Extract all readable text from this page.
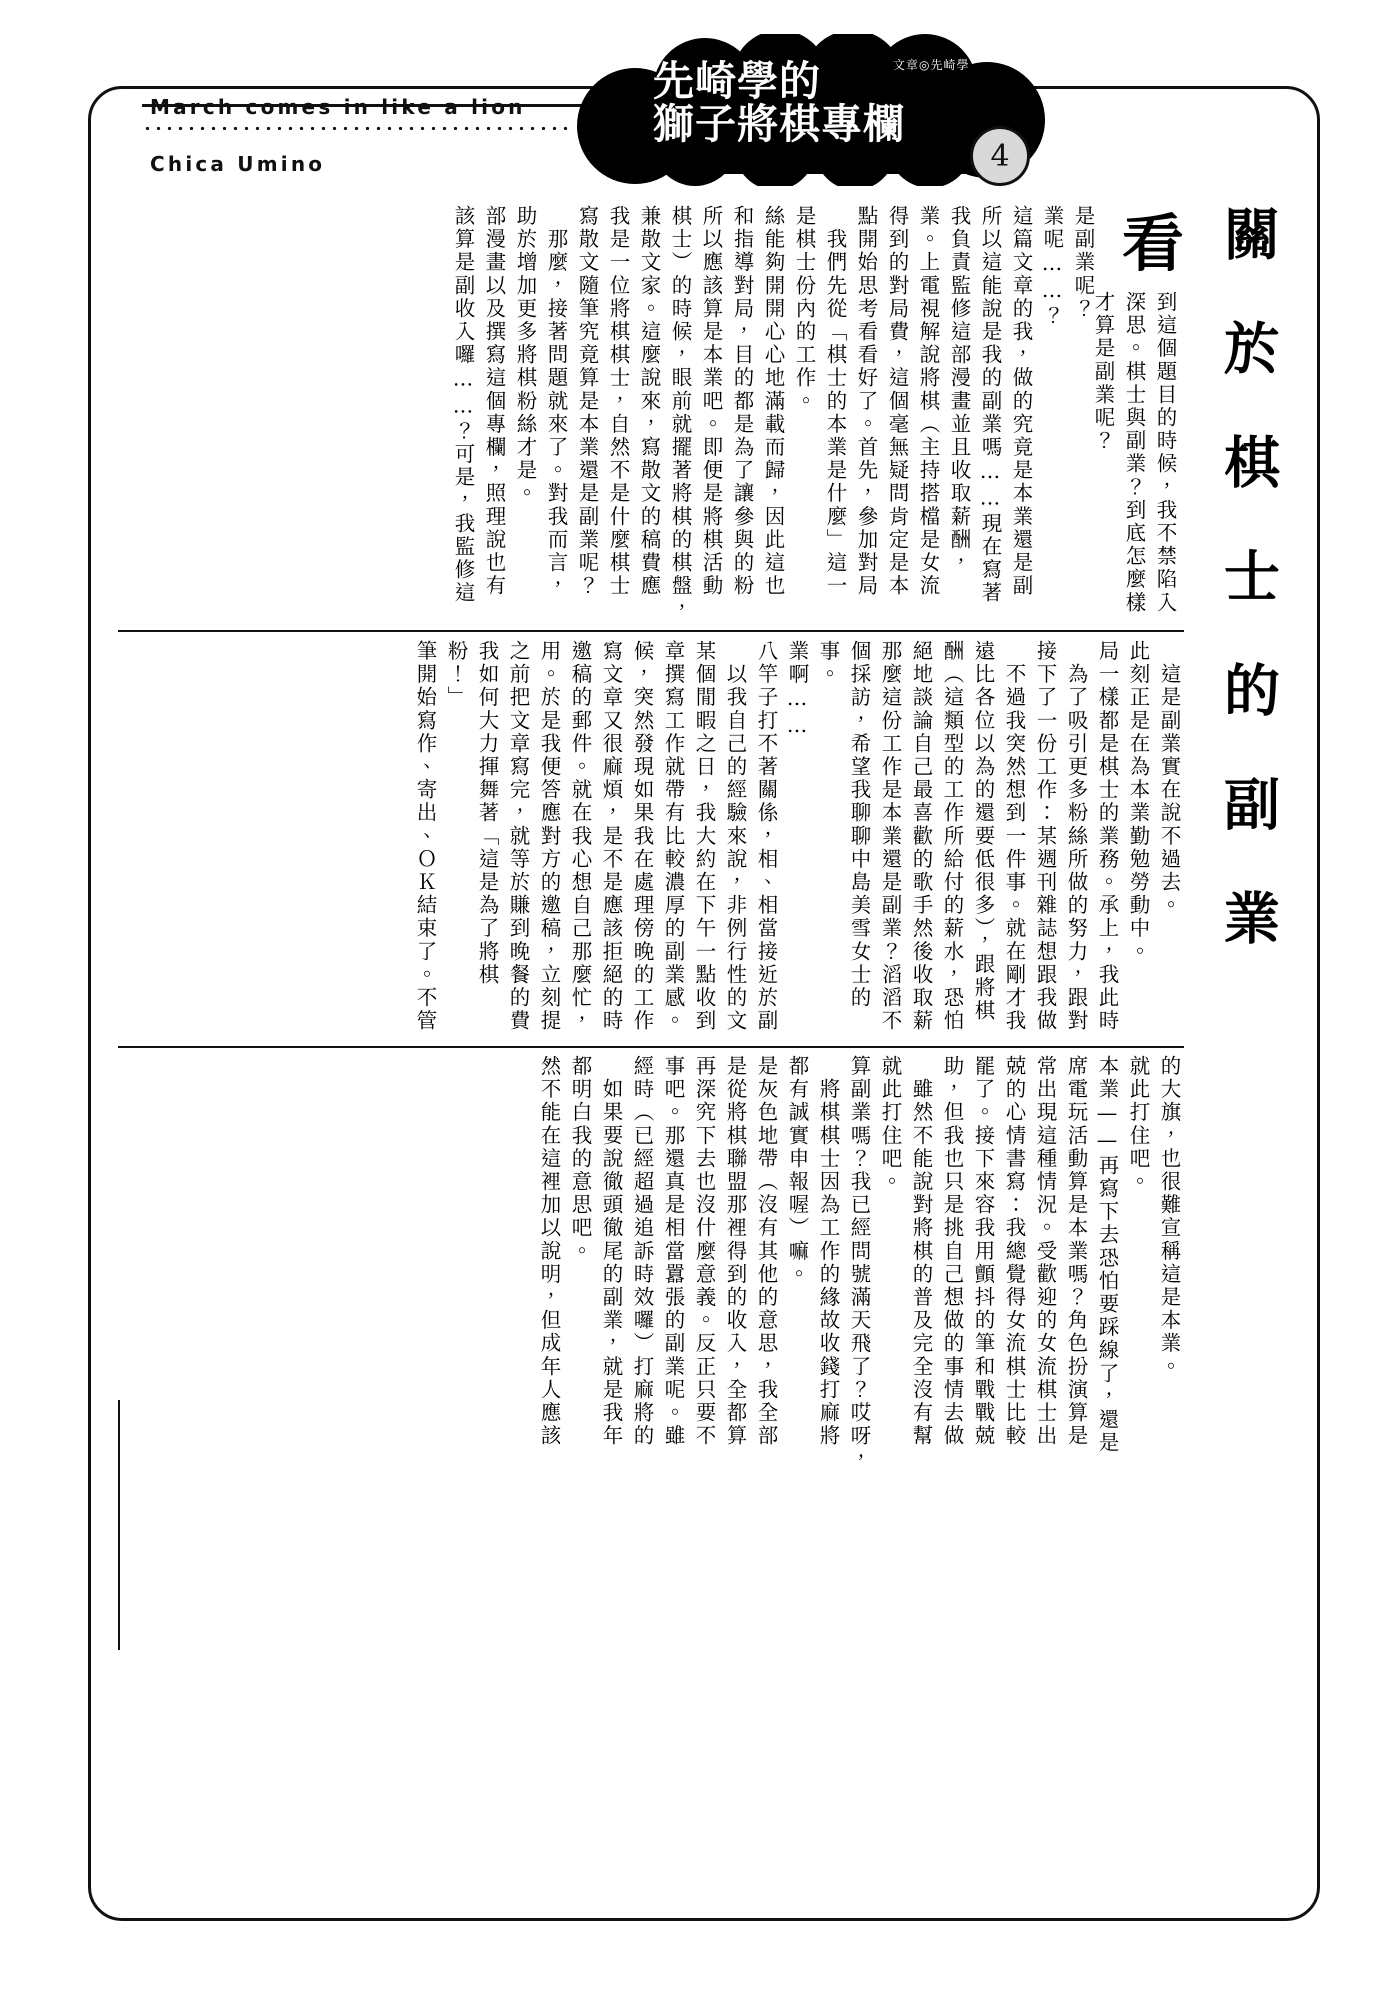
March comes in like a lion
Chica Umino
先崎學的
獅子將棋專欄
文章◎先崎學
4
關於棋士的副業
該算是副收入囉……？可是，我監修這 部漫畫以及撰寫這個專欄，照理說也有 助於增加更多將棋粉絲才是。 　那麼，接著問題就來了。對我而言， 寫散文隨筆究竟算是本業還是副業呢？ 我是一位將棋棋士，自然不是什麼棋士 兼散文家。這麼說來，寫散文的稿費應 棋士）的時候，眼前就擺著將棋的棋盤， 所以應該算是本業吧。即便是將棋活動 和指導對局，目的都是為了讓參與的粉 絲能夠開開心心地滿載而歸，因此這也 是棋士份內的工作。 　我們先從「棋士的本業是什麼」這一 點開始思考看看好了。首先，參加對局 得到的對局費，這個毫無疑問肯定是本 業。上電視解說將棋（主持搭檔是女流 我負責監修這部漫畫並且收取薪酬， 所以這能說是我的副業嗎……現在寫著 這篇文章的我，做的究竟是本業還是副 業呢……？ 是副業呢？ 看
到這個題目的時候，我不禁陷入深思。棋士與副業？到底怎麼樣才算是副業呢？
筆開始寫作、寄出、ＯＫ結束了。不管	我如何大力揮舞著「這是為了將棋粉！」	之前把文章寫完，就等於賺到晚餐的費 用。於是我便答應對方的邀稿，立刻提 邀稿的郵件。就在我心想自己那麼忙， 寫文章又很麻煩，是不是應該拒絕的時 候，突然發現如果我在處理傍晚的工作 章撰寫工作就帶有比較濃厚的副業感。 某個閒暇之日，我大約在下午一點收到 　以我自己的經驗來說，非例行性的文 八竿子打不著關係，相、相當接近於副 業啊……	個採訪，希望我聊聊中島美雪女士的事。	那麼這份工作是本業還是副業？滔滔不 絕地談論自己最喜歡的歌手然後收取薪 酬（這類型的工作所給付的薪水，恐怕 遠比各位以為的還要低很多），跟將棋 　不過我突然想到一件事。就在剛才我 接下了一份工作：某週刊雜誌想跟我做 　為了吸引更多粉絲所做的努力，跟對 局一樣都是棋士的業務。承上，我此時 此刻正是在為本業勤勉勞動中。 　這是副業實在說不過去。
然不能在這裡加以說明，但成年人應該 都明白我的意思吧。 　如果要說徹頭徹尾的副業，就是我年 經時（已經超過追訴時效囉）打麻將的 事吧。那還真是相當囂張的副業呢。雖 再深究下去也沒什麼意義。反正只要不 是從將棋聯盟那裡得到的收入，全都算 是灰色地帶（沒有其他的意思，我全部 都有誠實申報喔）嘛。 　將棋棋士因為工作的緣故收錢打麻將 算副業嗎？我已經問號滿天飛了？哎呀， 就此打住吧。 　雖然不能說對將棋的普及完全沒有幫 助，但我也只是挑自己想做的事情去做 罷了。接下來容我用顫抖的筆和戰戰兢 兢的心情書寫：我總覺得女流棋士比較 常出現這種情況。受歡迎的女流棋士出 席電玩活動算是本業嗎？角色扮演算是 本業——再寫下去恐怕要踩線了，還是 就此打住吧。 的大旗，也很難宣稱這是本業。
